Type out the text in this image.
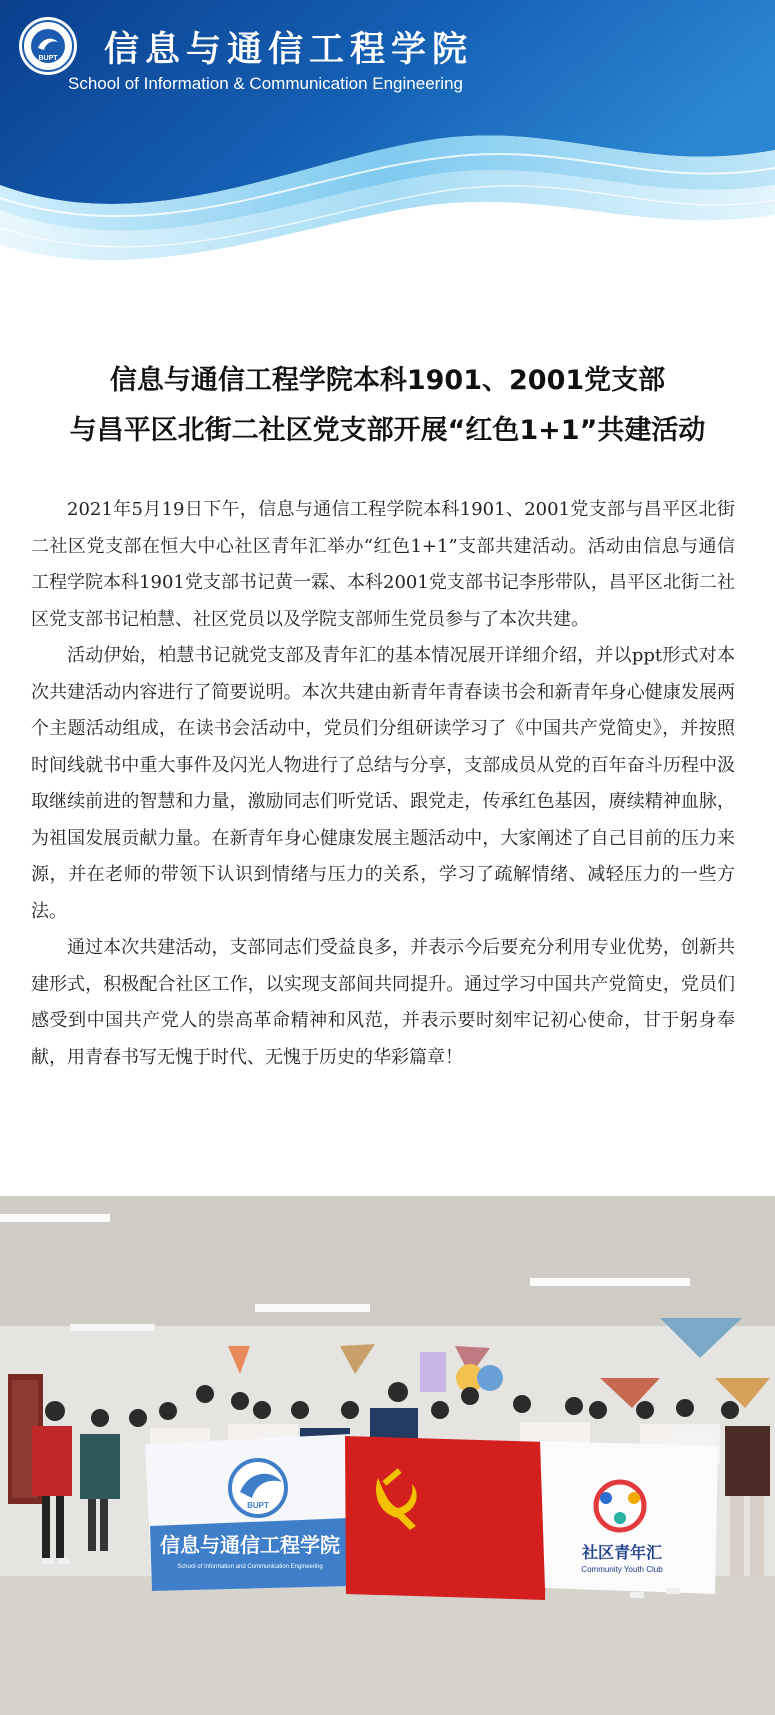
BUPT 信息与通信工程学院
School of Information & Communication Engineering
信息与通信工程学院本科1901、2001党支部
与昌平区北街二社区党支部开展“红色1+1”共建活动

2021年5月19日下午，信息与通信工程学院本科1901、2001党支部与昌平区北街二社区党支部在恒大中心社区青年汇举办“红色1+1”支部共建活动。活动由信息与通信工程学院本科1901党支部书记黄一霖、本科2001党支部书记李彤带队，昌平区北街二社区党支部书记柏慧、社区党员以及学院支部师生党员参与了本次共建。

活动伊始，柏慧书记就党支部及青年汇的基本情况展开详细介绍，并以ppt形式对本次共建活动内容进行了简要说明。本次共建由新青年青春读书会和新青年身心健康发展两个主题活动组成，在读书会活动中，党员们分组研读学习了《中国共产党简史》，并按照时间线就书中重大事件及闪光人物进行了总结与分享，支部成员从党的百年奋斗历程中汲取继续前进的智慧和力量，激励同志们听党话、跟党走，传承红色基因，赓续精神血脉，为祖国发展贡献力量。在新青年身心健康发展主题活动中，大家阐述了自己目前的压力来源，并在老师的带领下认识到情绪与压力的关系，学习了疏解情绪、减轻压力的一些方法。

通过本次共建活动，支部同志们受益良多，并表示今后要充分利用专业优势，创新共建形式，积极配合社区工作，以实现支部间共同提升。通过学习中国共产党简史，党员们感受到中国共产党人的崇高革命精神和风范，并表示要时刻牢记初心使命，甘于躬身奉献，用青春书写无愧于时代、无愧于历史的华彩篇章！

BUPT
信息与通信工程学院
School of Information and Communication Engineering
社区青年汇
Community Youth Club
